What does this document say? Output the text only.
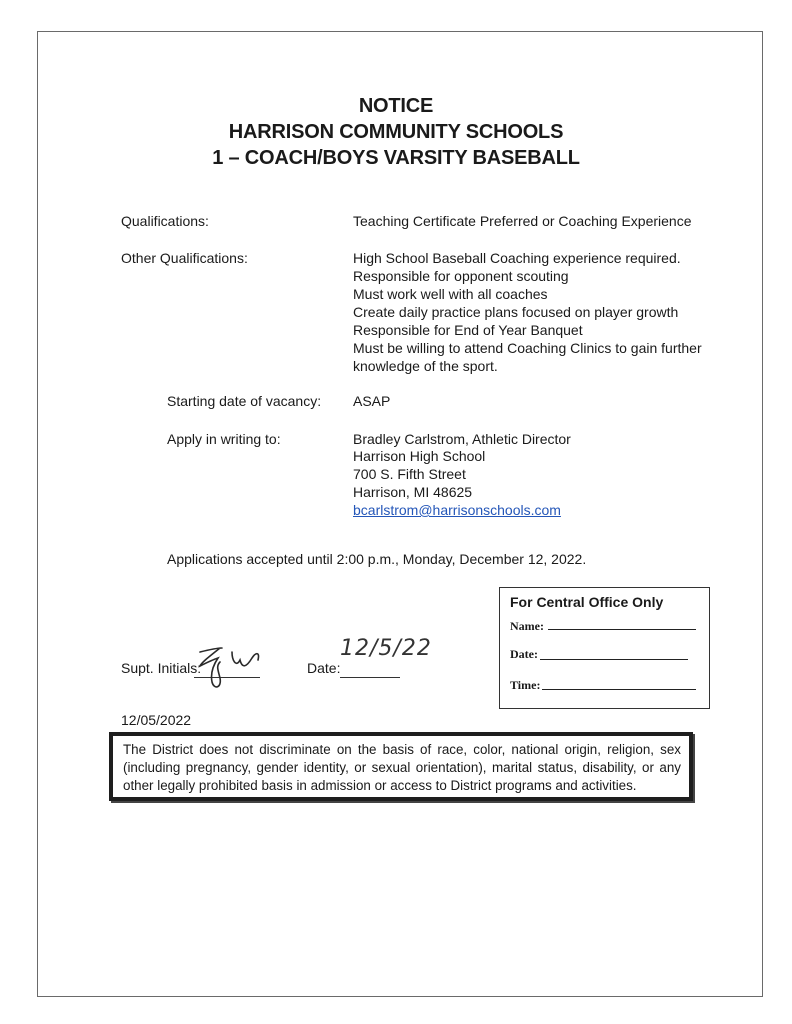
NOTICE
HARRISON COMMUNITY SCHOOLS
1 – COACH/BOYS VARSITY BASEBALL
Qualifications:	Teaching Certificate Preferred or Coaching Experience
Other Qualifications:	High School Baseball Coaching experience required.
Responsible for opponent scouting
Must work well with all coaches
Create daily practice plans focused on player growth
Responsible for End of Year Banquet
Must be willing to attend Coaching Clinics to gain further
knowledge of the sport.
Starting date of vacancy: ASAP
Apply in writing to:	Bradley Carlstrom, Athletic Director
Harrison High School
700 S. Fifth Street
Harrison, MI 48625
bcarlstrom@harrisonschools.com
Applications accepted until 2:00 p.m., Monday, December 12, 2022.
For Central Office Only
Name:
Date:
Time:
Supt. Initials:	Date:
12/5/22
12/05/2022
The District does not discriminate on the basis of race, color, national origin, religion, sex (including pregnancy, gender identity, or sexual orientation), marital status, disability, or any other legally prohibited basis in admission or access to District programs and activities.
